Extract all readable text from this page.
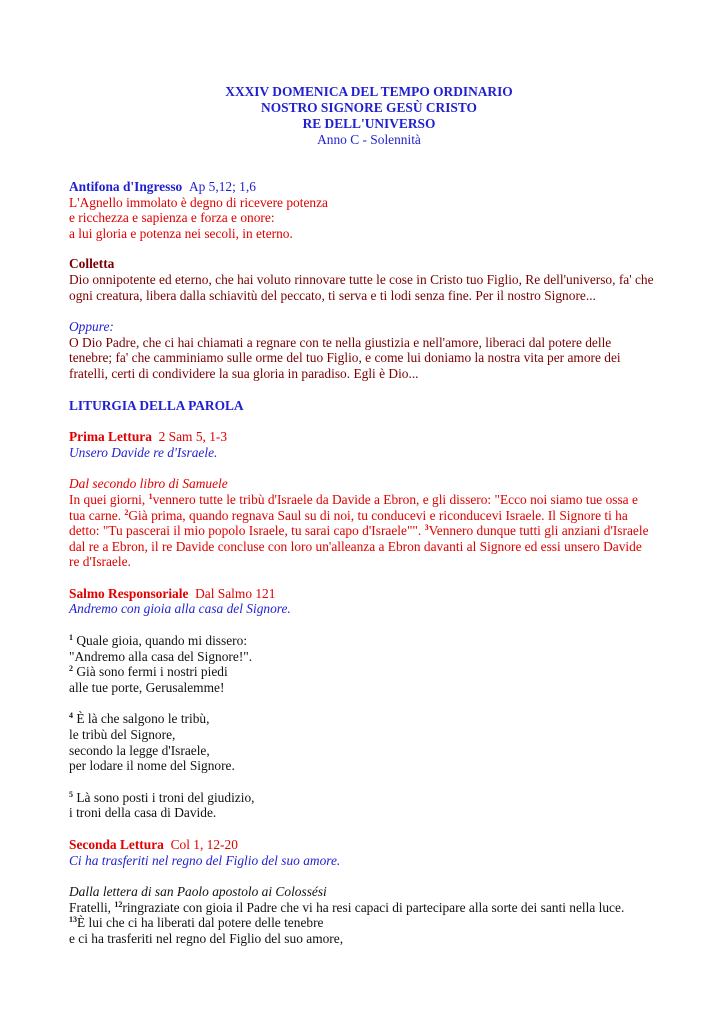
XXXIV DOMENICA DEL TEMPO ORDINARIO
NOSTRO SIGNORE GESÙ CRISTO
RE DELL'UNIVERSO
Anno C - Solennità

Antifona d'Ingresso Ap 5,12; 1,6

L'Agnello immolato è degno di ricevere potenza
e ricchezza e sapienza e forza e onore:
a lui gloria e potenza nei secoli, in eterno.

Colletta

Dio onnipotente ed eterno, che hai voluto rinnovare tutte le cose in Cristo tuo Figlio, Re dell'universo, fa' che
ogni creatura, libera dalla schiavitù del peccato, ti serva e ti lodi senza fine. Per il nostro Signore...

Oppure:

O Dio Padre, che ci hai chiamati a regnare con te nella giustizia e nell'amore, liberaci dal potere delle
tenebre; fa' che camminiamo sulle orme del tuo Figlio, e come lui doniamo la nostra vita per amore dei
fratelli, certi di condividere la sua gloria in paradiso. Egli è Dio...

LITURGIA DELLA PAROLA

Prima Lettura 2 Sam 5, 1-3

Unsero Davide re d'Israele.

Dal secondo libro di Samuele

In quei giorni, $^1$vennero tutte le tribù d'Israele da Davide a Ebron, e gli dissero: "Ecco noi siamo tue ossa e
tua carne. $^2$Già prima, quando regnava Saul su di noi, tu conducevi e riconducevi Israele. Il Signore ti ha
detto: "Tu pascerai il mio popolo Israele, tu sarai capo d'Israele"". $^3$Vennero dunque tutti gli anziani d'Israele
dal re a Ebron, il re Davide concluse con loro un'alleanza a Ebron davanti al Signore ed essi unsero Davide
re d'Israele.

Salmo Responsoriale Dal Salmo 121

Andremo con gioia alla casa del Signore.

$^1$ Quale gioia, quando mi dissero:
"Andremo alla casa del Signore!".
$^2$ Già sono fermi i nostri piedi
alle tue porte, Gerusalemme!
$^4$ È là che salgono le tribù,
le tribù del Signore,
secondo la legge d'Israele,
per lodare il nome del Signore.
$^5$ Là sono posti i troni del giudizio,
i troni della casa di Davide.

Seconda Lettura Col 1, 12-20

Ci ha trasferiti nel regno del Figlio del suo amore.

Dalla lettera di san Paolo apostolo ai Colossési

Fratelli, $^{12}$ringraziate con gioia il Padre che vi ha resi capaci di partecipare alla sorte dei santi nella luce.
$^{13}$È lui che ci ha liberati dal potere delle tenebre
e ci ha trasferiti nel regno del Figlio del suo amore,
